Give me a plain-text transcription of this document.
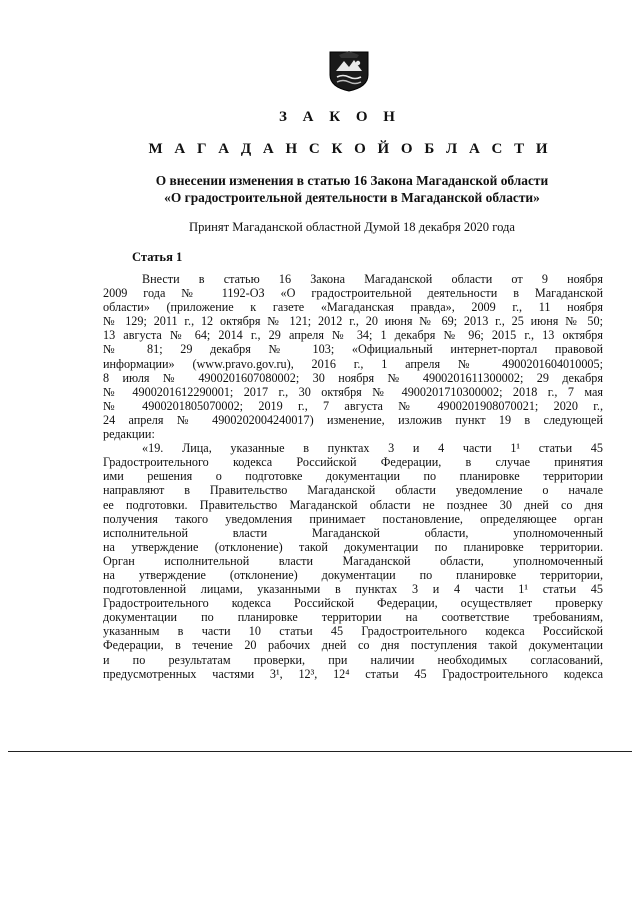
З А К О Н
М А Г А Д А Н С К О Й О Б Л А С Т И
О внесении изменения в статью 16 Закона Магаданской области
«О градостроительной деятельности в Магаданской области»
Принят Магаданской областной Думой 18 декабря 2020 года
Статья 1
Внести в статью 16 Закона Магаданской области от 9 ноября
2009 года № 1192-ОЗ «О градостроительной деятельности в Магаданской
области» (приложение к газете «Магаданская правда», 2009 г., 11 ноября
№ 129; 2011 г., 12 октября № 121; 2012 г., 20 июня № 69; 2013 г., 25 июня № 50;
13 августа № 64; 2014 г., 29 апреля № 34; 1 декабря № 96; 2015 г., 13 октября
№ 81; 29 декабря № 103; «Официальный интернет-портал правовой
информации» (www.pravo.gov.ru), 2016 г., 1 апреля № 4900201604010005;
8 июля № 4900201607080002; 30 ноября № 4900201611300002; 29 декабря
№ 4900201612290001; 2017 г., 30 октября № 4900201710300002; 2018 г., 7 мая
№ 4900201805070002; 2019 г., 7 августа № 4900201908070021; 2020 г.,
24 апреля № 4900202004240017) изменение, изложив пункт 19 в следующей
редакции:
«19. Лица, указанные в пунктах 3 и 4 части 1¹ статьи 45
Градостроительного кодекса Российской Федерации, в случае принятия
ими решения о подготовке документации по планировке территории
направляют в Правительство Магаданской области уведомление о начале
ее подготовки. Правительство Магаданской области не позднее 30 дней со дня
получения такого уведомления принимает постановление, определяющее орган
исполнительной власти Магаданской области, уполномоченный
на утверждение (отклонение) такой документации по планировке территории.
Орган исполнительной власти Магаданской области, уполномоченный
на утверждение (отклонение) документации по планировке территории,
подготовленной лицами, указанными в пунктах 3 и 4 части 1¹ статьи 45
Градостроительного кодекса Российской Федерации, осуществляет проверку
документации по планировке территории на соответствие требованиям,
указанным в части 10 статьи 45 Градостроительного кодекса Российской
Федерации, в течение 20 рабочих дней со дня поступления такой документации
и по результатам проверки, при наличии необходимых согласований,
предусмотренных частями 3¹, 12³, 12⁴ статьи 45 Градостроительного кодекса
